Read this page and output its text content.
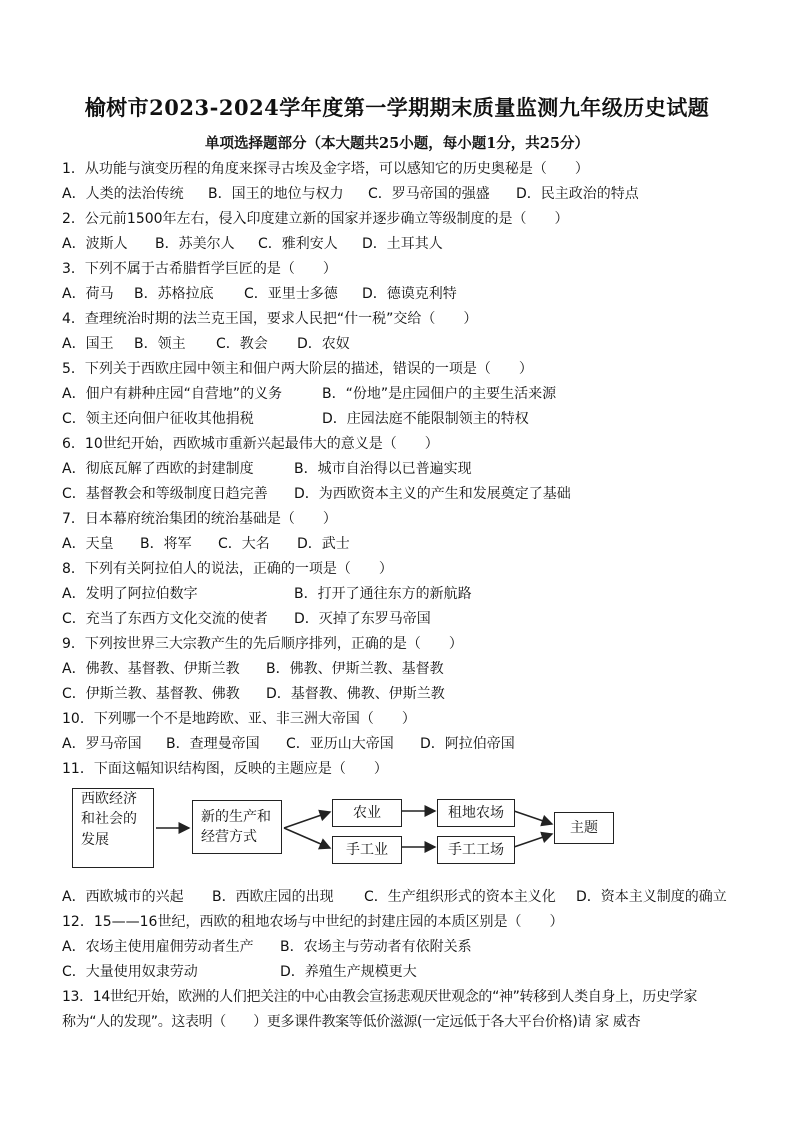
榆树市2023-2024学年度第一学期期末质量监测九年级历史试题
单项选择题部分（本大题共25小题，每小题1分，共25分）
1．从功能与演变历程的角度来探寻古埃及金字塔，可以感知它的历史奥秘是（　　）
A．人类的法治传统 B．国王的地位与权力 C．罗马帝国的强盛 D．民主政治的特点
2．公元前1500年左右，侵入印度建立新的国家并逐步确立等级制度的是（　　）
A．波斯人 B．苏美尔人 C．雅利安人 D．土耳其人
3．下列不属于古希腊哲学巨匠的是（　　）
A．荷马 B．苏格拉底 C．亚里士多德 D．德谟克利特
4．查理统治时期的法兰克王国，要求人民把“什一税”交给（　　）
A．国王 B．领主 C．教会 D．农奴
5．下列关于西欧庄园中领主和佃户两大阶层的描述，错误的一项是（　　）
A．佃户有耕种庄园“自营地”的义务	B．“份地”是庄园佃户的主要生活来源
C．领主还向佃户征收其他捐税	D．庄园法庭不能限制领主的特权
6．10世纪开始，西欧城市重新兴起最伟大的意义是（　　）
A．彻底瓦解了西欧的封建制度	B．城市自治得以已普遍实现
C．基督教会和等级制度日趋完善 D．为西欧资本主义的产生和发展奠定了基础
7．日本幕府统治集团的统治基础是（　　）
A．天皇 B．将军 C．大名 D．武士
8．下列有关阿拉伯人的说法，正确的一项是（　　）
A．发明了阿拉伯数字	B．打开了通往东方的新航路
C．充当了东西方文化交流的使者 D．灭掉了东罗马帝国
9．下列按世界三大宗教产生的先后顺序排列，正确的是（　　）
A．佛教、基督教、伊斯兰教 B．佛教、伊斯兰教、基督教
C．伊斯兰教、基督教、佛教 D．基督教、佛教、伊斯兰教
10．下列哪一个不是地跨欧、亚、非三洲大帝国（　　）
A．罗马帝国 B．查理曼帝国 C．亚历山大帝国 D．阿拉伯帝国
11．下面这幅知识结构图，反映的主题应是（　　）
西欧经济
和社会的
发展
新的生产和
经营方式
农业
手工业
租地农场
手工工场
主题
A．西欧城市的兴起 B．西欧庄园的出现 C．生产组织形式的资本主义化 D．资本主义制度的确立
12．15——16世纪，西欧的租地农场与中世纪的封建庄园的本质区别是（　　）
A．农场主使用雇佣劳动者生产 B．农场主与劳动者有依附关系
C．大量使用奴隶劳动	D．养殖生产规模更大
13．14世纪开始，欧洲的人们把关注的中心由教会宣扬悲观厌世观念的“神”转移到人类自身上，历史学家
称为“人的发现”。这表明（　　）更多课件教案等低价滋源(一定远低于各大平台价格)请 家 威杏
